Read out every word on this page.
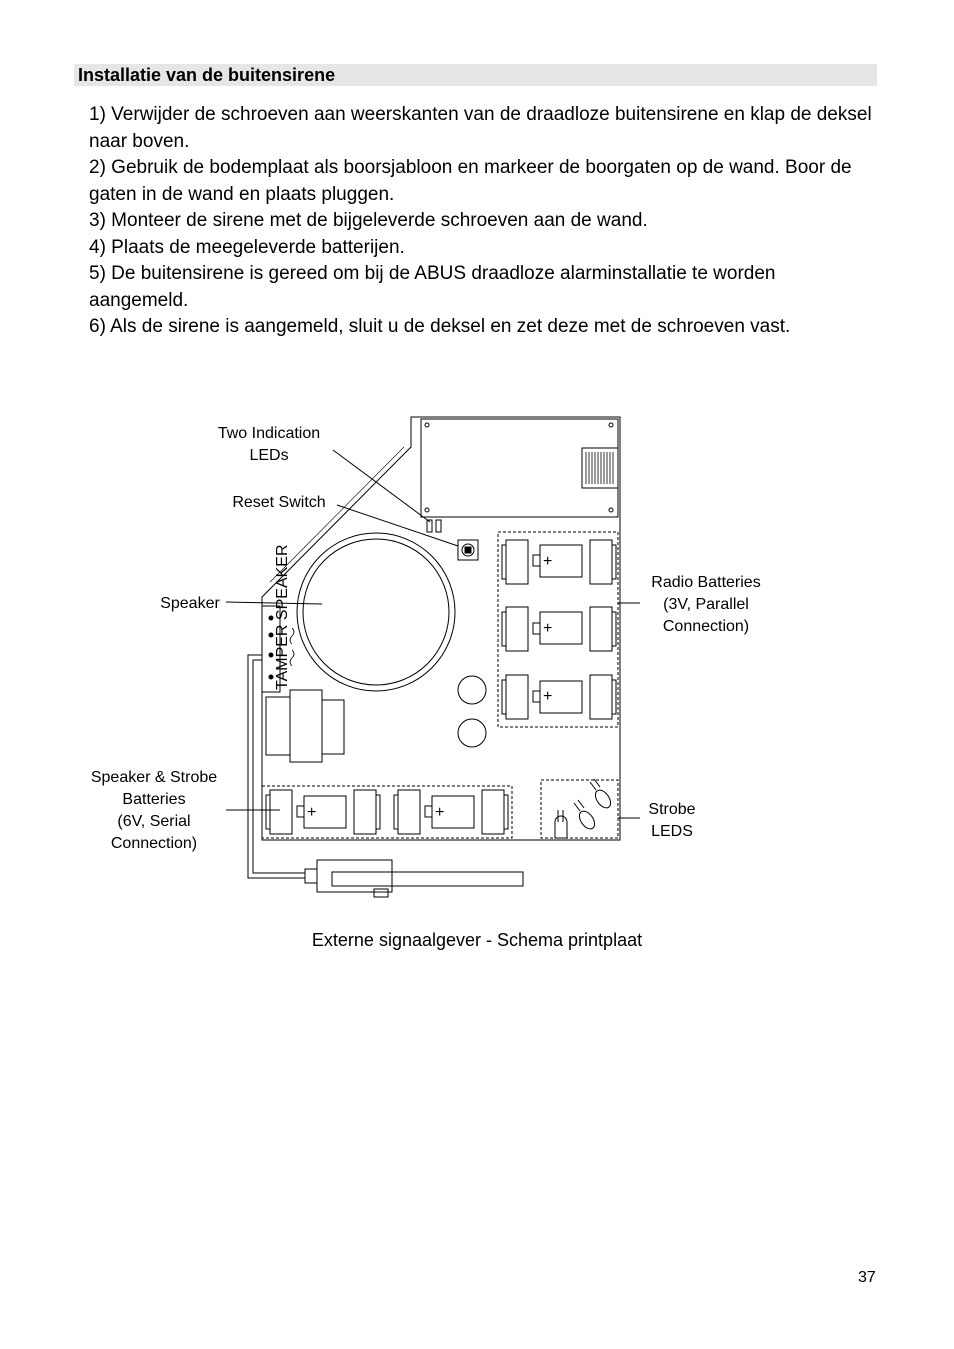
Installatie van de buitensirene
1) Verwijder de schroeven aan weerskanten van de draadloze buitensirene en klap de deksel naar boven.
2) Gebruik de bodemplaat als boorsjabloon en markeer de boorgaten op de wand. Boor de gaten in de wand en plaats pluggen.
3) Monteer de sirene met de bijgeleverde schroeven aan de wand.
4) Plaats de meegeleverde batterijen.
5) De buitensirene is gereed om bij de ABUS draadloze alarminstallatie te worden aangemeld.
6) Als de sirene is aangemeld, sluit u de deksel en zet deze met de schroeven vast.
+
+
+
+	+
TAMPER SPEAKER
Two Indication
LEDs
Reset Switch
Speaker
Radio Batteries
(3V, Parallel
Connection)
Speaker & Strobe
Batteries
(6V, Serial
Connection)
Strobe
LEDS
Externe signaalgever - Schema printplaat
37
